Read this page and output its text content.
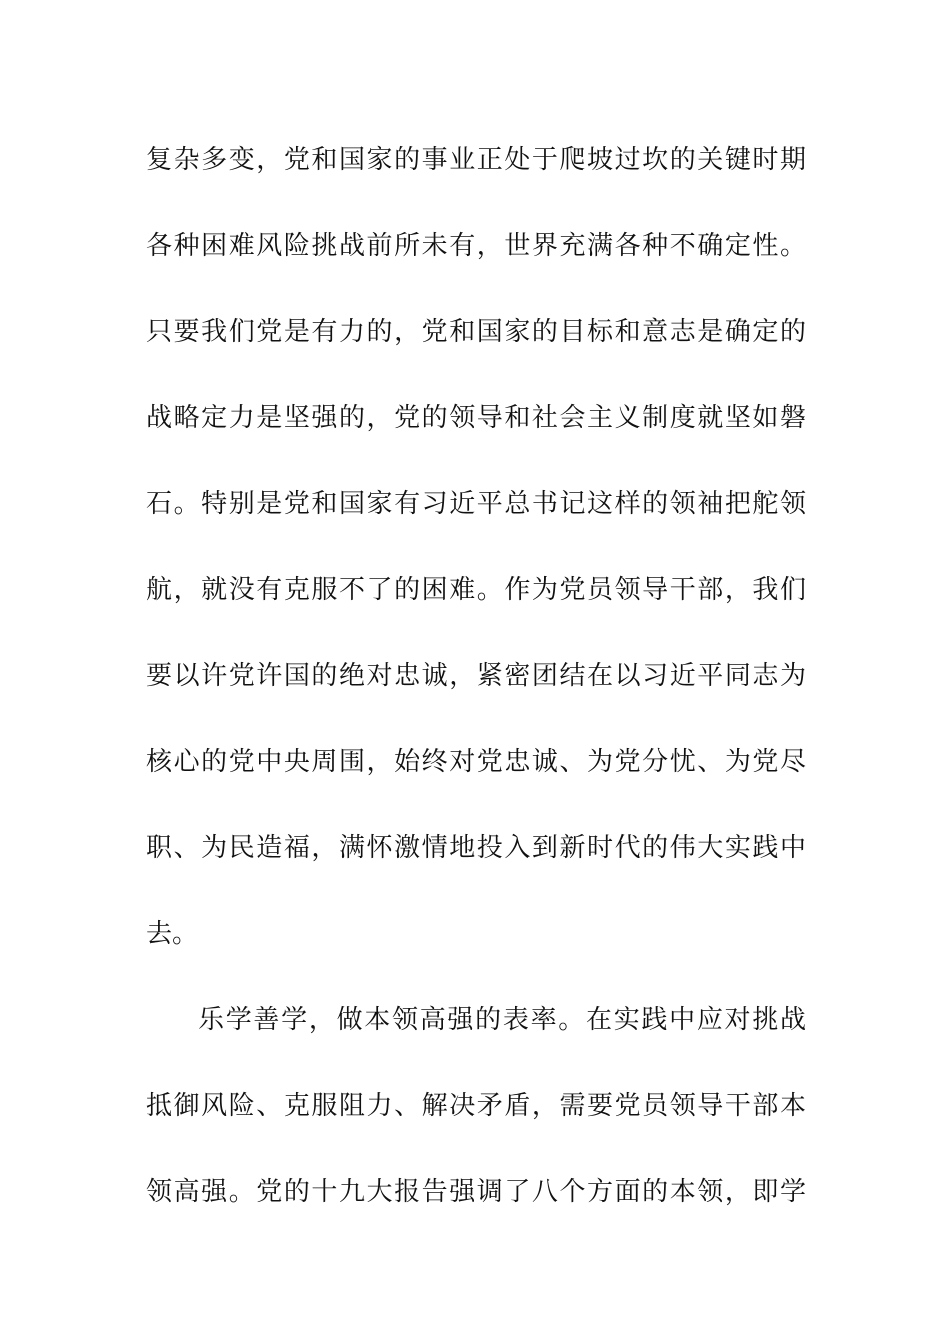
复杂多变，党和国家的事业正处于爬坡过坎的关键时期
各种困难风险挑战前所未有，世界充满各种不确定性。
只要我们党是有力的，党和国家的目标和意志是确定的
战略定力是坚强的，党的领导和社会主义制度就坚如磐
石。特别是党和国家有习近平总书记这样的领袖把舵领
航，就没有克服不了的困难。作为党员领导干部，我们
要以许党许国的绝对忠诚，紧密团结在以习近平同志为
核心的党中央周围，始终对党忠诚、为党分忧、为党尽
职、为民造福，满怀激情地投入到新时代的伟大实践中
去。
乐学善学，做本领高强的表率。在实践中应对挑战
抵御风险、克服阻力、解决矛盾，需要党员领导干部本
领高强。党的十九大报告强调了八个方面的本领，即学
